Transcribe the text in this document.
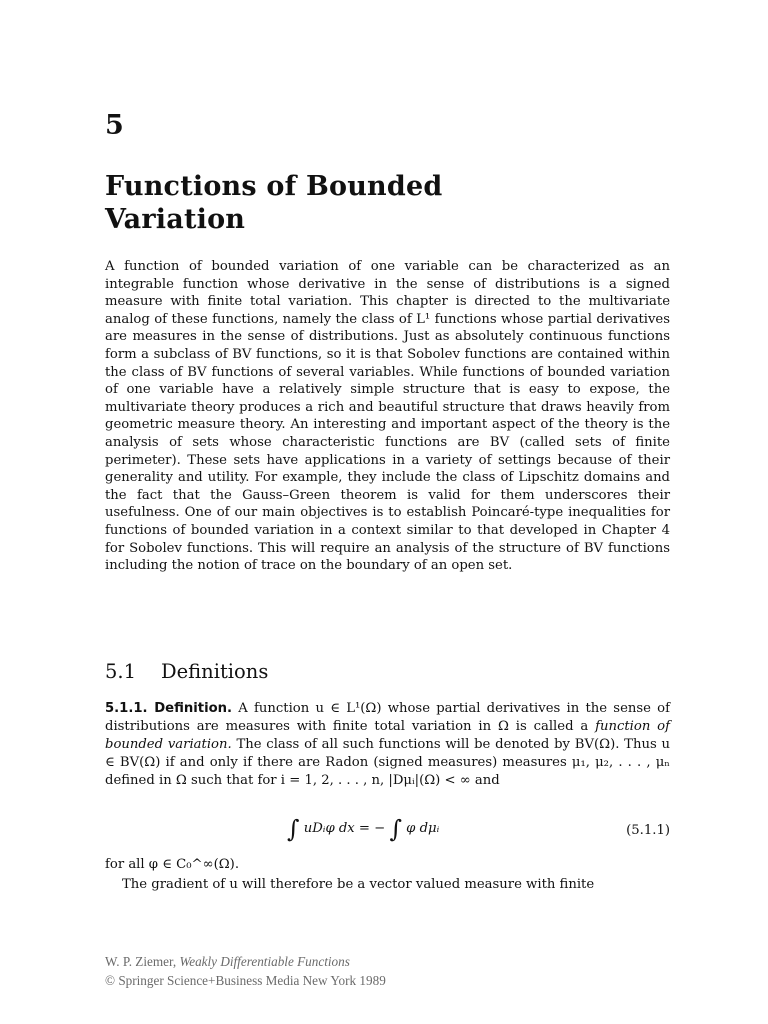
5
Functions of Bounded
Variation

A function of bounded variation of one variable can be characterized as an integrable function whose derivative in the sense of distributions is a signed measure with finite total variation. This chapter is directed to the multivariate analog of these functions, namely the class of L¹ functions whose partial derivatives are measures in the sense of distributions. Just as absolutely continuous functions form a subclass of BV functions, so it is that Sobolev functions are contained within the class of BV functions of several variables. While functions of bounded variation of one variable have a relatively simple structure that is easy to expose, the multivariate theory produces a rich and beautiful structure that draws heavily from geometric measure theory. An interesting and important aspect of the theory is the analysis of sets whose characteristic functions are BV (called sets of finite perimeter). These sets have applications in a variety of settings because of their generality and utility. For example, they include the class of Lipschitz domains and the fact that the Gauss–Green theorem is valid for them underscores their usefulness. One of our main objectives is to establish Poincaré-type inequalities for functions of bounded variation in a context similar to that developed in Chapter 4 for Sobolev functions. This will require an analysis of the structure of BV functions including the notion of trace on the boundary of an open set.

5.1 Definitions

5.1.1. Definition. A function u ∈ L¹(Ω) whose partial derivatives in the sense of distributions are measures with finite total variation in Ω is called a function of bounded variation. The class of all such functions will be denoted by BV(Ω). Thus u ∈ BV(Ω) if and only if there are Radon (signed measures) measures μ₁, μ₂, . . . , μₙ defined in Ω such that for i = 1, 2, . . . , n, |Dμᵢ|(Ω) < ∞ and

∫ uDᵢφ dx = − ∫ φ dμᵢ	(5.1.1)
for all φ ∈ C₀^∞(Ω).
The gradient of u will therefore be a vector valued measure with finite
W. P. Ziemer, Weakly Differentiable Functions
© Springer Science+Business Media New York 1989
